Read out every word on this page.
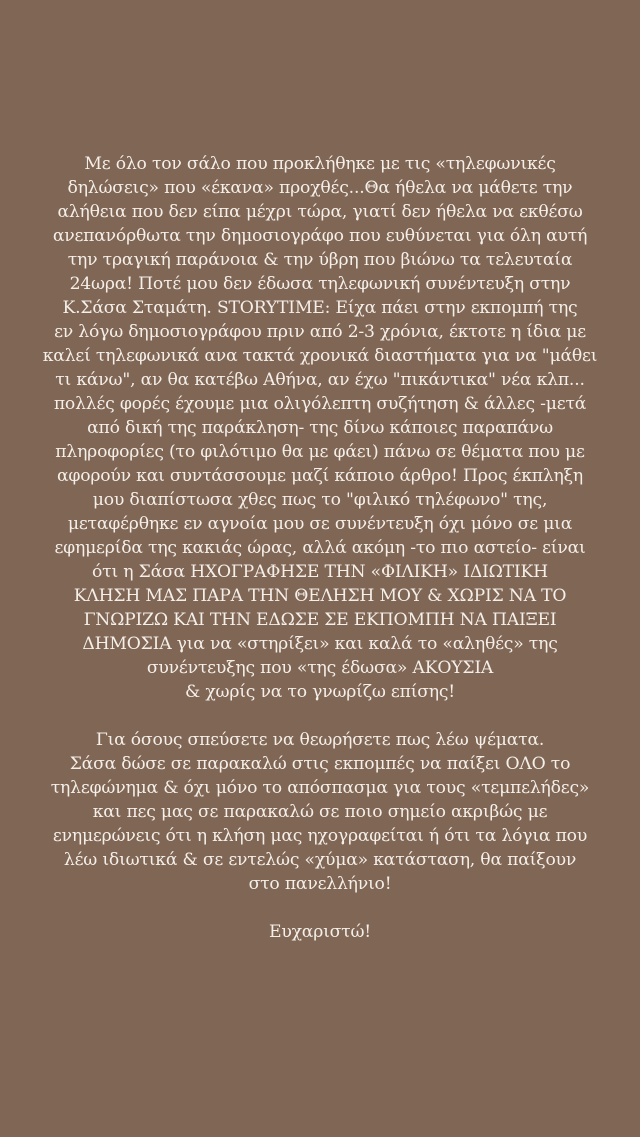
Με όλο τον σάλο που προκλήθηκε με τις «τηλεφωνικές
δηλώσεις» που «έκανα» προχθές...Θα ήθελα να μάθετε την
αλήθεια που δεν είπα μέχρι τώρα, γιατί δεν ήθελα να εκθέσω
ανεπανόρθωτα την δημοσιογράφο που ευθύνεται για όλη αυτή
την τραγική παράνοια & την ύβρη που βιώνω τα τελευταία
24ωρα! Ποτέ μου δεν έδωσα τηλεφωνική συνέντευξη στην
Κ.Σάσα Σταμάτη. STORYTIME: Είχα πάει στην εκπομπή της
εν λόγω δημοσιογράφου πριν από 2-3 χρόνια, έκτοτε η ίδια με
καλεί τηλεφωνικά ανα τακτά χρονικά διαστήματα για να "μάθει
τι κάνω", αν θα κατέβω Αθήνα, αν έχω "πικάντικα" νέα κλπ...
πολλές φορές έχουμε μια ολιγόλεπτη συζήτηση & άλλες -μετά
από δική της παράκληση- της δίνω κάποιες παραπάνω
πληροφορίες (το φιλότιμο θα με φάει) πάνω σε θέματα που με
αφορούν και συντάσσουμε μαζί κάποιο άρθρο! Προς έκπληξη
μου διαπίστωσα χθες πως το "φιλικό τηλέφωνο" της,
μεταφέρθηκε εν αγνοία μου σε συνέντευξη όχι μόνο σε μια
εφημερίδα της κακιάς ώρας, αλλά ακόμη -το πιο αστείο- είναι
ότι η Σάσα ΗΧΟΓΡΑΦΗΣΕ ΤΗΝ «ΦΙΛΙΚΗ» ΙΔΙΩΤΙΚΗ
ΚΛΗΣΗ ΜΑΣ ΠΑΡΑ ΤΗΝ ΘΕΛΗΣΗ ΜΟΥ & ΧΩΡΙΣ ΝΑ ΤΟ
ΓΝΩΡΙΖΩ ΚΑΙ ΤΗΝ ΕΔΩΣΕ ΣΕ ΕΚΠΟΜΠΗ ΝΑ ΠΑΙΞΕΙ
ΔΗΜΟΣΙΑ για να «στηρίξει» και καλά το «αληθές» της
συνέντευξης που «της έδωσα» ΑΚΟΥΣΙΑ
& χωρίς να το γνωρίζω επίσης!

Για όσους σπεύσετε να θεωρήσετε πως λέω ψέματα.
Σάσα δώσε σε παρακαλώ στις εκπομπές να παίξει ΟΛΟ το
τηλεφώνημα & όχι μόνο το απόσπασμα για τους «τεμπελήδες»
και πες μας σε παρακαλώ σε ποιο σημείο ακριβώς με
ενημερώνεις ότι η κλήση μας ηχογραφείται ή ότι τα λόγια που
λέω ιδιωτικά & σε εντελώς «χύμα» κατάσταση, θα παίξουν
στο πανελλήνιο!

Ευχαριστώ!
